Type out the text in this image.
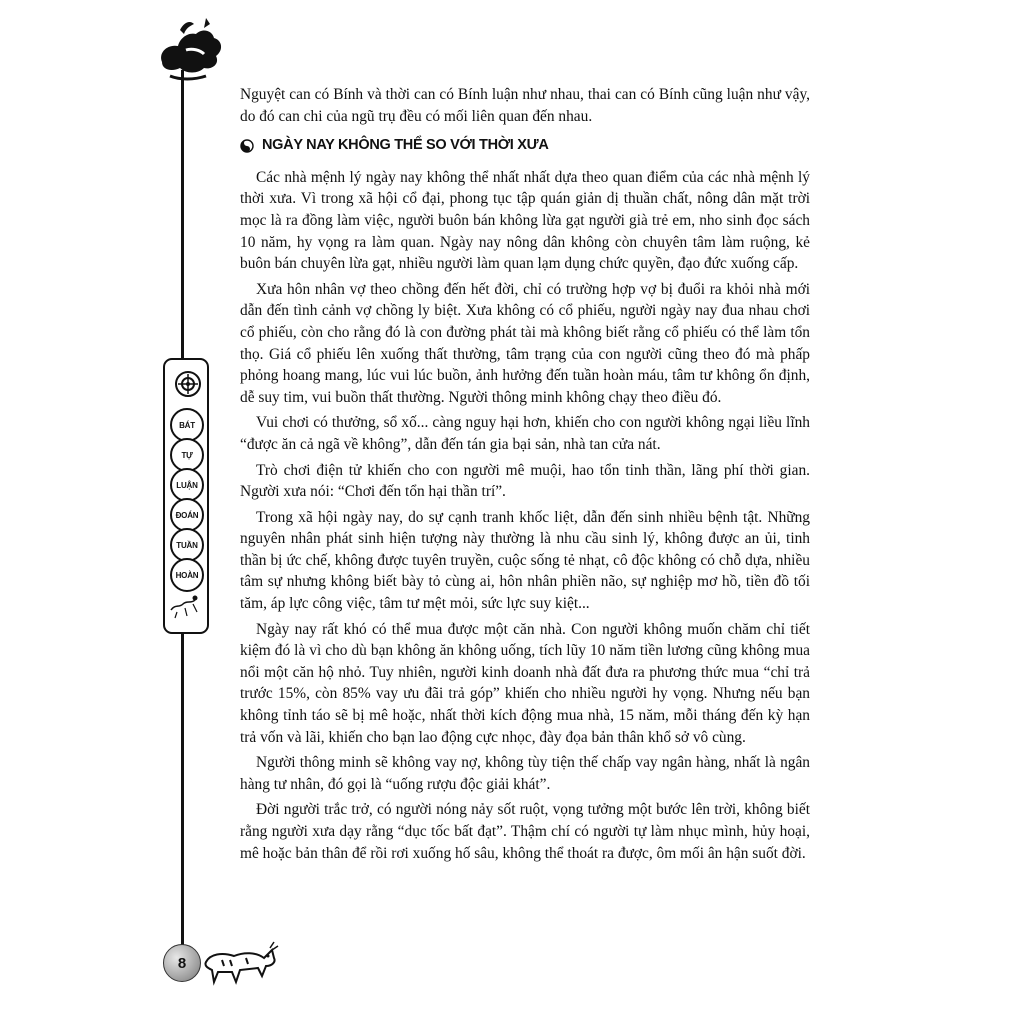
BÁT
TỰ
LUẬN
ĐOÁN
TUẦN
HOÀN
8

Nguyệt can có Bính và thời can có Bính luận như nhau, thai can có Bính cũng luận như vậy, do đó can chi của ngũ trụ đều có mối liên quan đến nhau.

NGÀY NAY KHÔNG THỂ SO VỚI THỜI XƯA

Các nhà mệnh lý ngày nay không thể nhất nhất dựa theo quan điểm của các nhà mệnh lý thời xưa. Vì trong xã hội cổ đại, phong tục tập quán giản dị thuần chất, nông dân mặt trời mọc là ra đồng làm việc, người buôn bán không lừa gạt người già trẻ em, nho sinh đọc sách 10 năm, hy vọng ra làm quan. Ngày nay nông dân không còn chuyên tâm làm ruộng, kẻ buôn bán chuyên lừa gạt, nhiều người làm quan lạm dụng chức quyền, đạo đức xuống cấp.

Xưa hôn nhân vợ theo chồng đến hết đời, chỉ có trường hợp vợ bị đuổi ra khỏi nhà mới dẫn đến tình cảnh vợ chồng ly biệt. Xưa không có cổ phiếu, người ngày nay đua nhau chơi cổ phiếu, còn cho rằng đó là con đường phát tài mà không biết rằng cổ phiếu có thể làm tổn thọ. Giá cổ phiếu lên xuống thất thường, tâm trạng của con người cũng theo đó mà phấp phỏng hoang mang, lúc vui lúc buồn, ảnh hưởng đến tuần hoàn máu, tâm tư không ổn định, dễ suy tim, vui buồn thất thường. Người thông minh không chạy theo điều đó.

Vui chơi có thưởng, sổ xố... càng nguy hại hơn, khiến cho con người không ngại liều lĩnh “được ăn cả ngã về không”, dẫn đến tán gia bại sản, nhà tan cửa nát.

Trò chơi điện tử khiến cho con người mê muội, hao tổn tinh thần, lãng phí thời gian. Người xưa nói: “Chơi đến tổn hại thần trí”.

Trong xã hội ngày nay, do sự cạnh tranh khốc liệt, dẫn đến sinh nhiều bệnh tật. Những nguyên nhân phát sinh hiện tượng này thường là nhu cầu sinh lý, không được an ủi, tinh thần bị ức chế, không được tuyên truyền, cuộc sống tẻ nhạt, cô độc không có chỗ dựa, nhiều tâm sự nhưng không biết bày tỏ cùng ai, hôn nhân phiền não, sự nghiệp mơ hồ, tiền đồ tối tăm, áp lực công việc, tâm tư mệt mỏi, sức lực suy kiệt...

Ngày nay rất khó có thể mua được một căn nhà. Con người không muốn chăm chỉ tiết kiệm đó là vì cho dù bạn không ăn không uống, tích lũy 10 năm tiền lương cũng không mua nổi một căn hộ nhỏ. Tuy nhiên, người kinh doanh nhà đất đưa ra phương thức mua “chỉ trả trước 15%, còn 85% vay ưu đãi trả góp” khiến cho nhiều người hy vọng. Nhưng nếu bạn không tỉnh táo sẽ bị mê hoặc, nhất thời kích động mua nhà, 15 năm, mỗi tháng đến kỳ hạn trả vốn và lãi, khiến cho bạn lao động cực nhọc, đày đọa bản thân khổ sở vô cùng.

Người thông minh sẽ không vay nợ, không tùy tiện thế chấp vay ngân hàng, nhất là ngân hàng tư nhân, đó gọi là “uống rượu độc giải khát”.

Đời người trắc trở, có người nóng nảy sốt ruột, vọng tưởng một bước lên trời, không biết rằng người xưa dạy rằng “dục tốc bất đạt”. Thậm chí có người tự làm nhục mình, hủy hoại, mê hoặc bản thân để rồi rơi xuống hố sâu, không thể thoát ra được, ôm mối ân hận suốt đời.
